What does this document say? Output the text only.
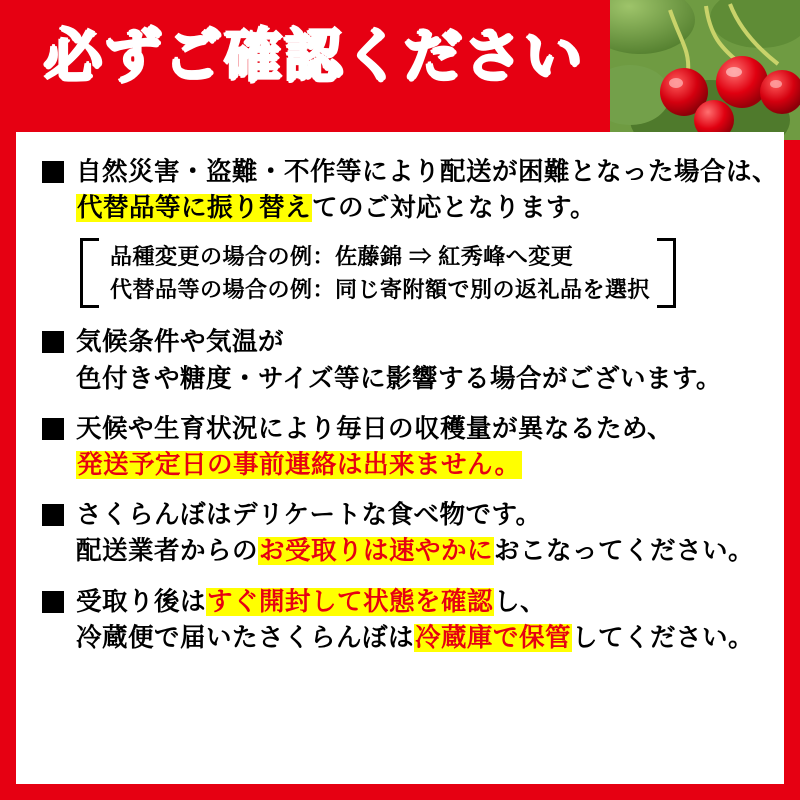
必ずご確認ください
自然災害・盗難・不作等により配送が困難となった場合は、
代替品等に振り替えてのご対応となります。
品種変更の場合の例：佐藤錦 ⇒ 紅秀峰へ変更
代替品等の場合の例：同じ寄附額で別の返礼品を選択
気候条件や気温が
色付きや糖度・サイズ等に影響する場合がございます。
天候や生育状況により毎日の収穫量が異なるため、
発送予定日の事前連絡は出来ません。
さくらんぼはデリケートな食べ物です。
配送業者からのお受取りは速やかにおこなってください。
受取り後はすぐ開封して状態を確認し、
冷蔵便で届いたさくらんぼは冷蔵庫で保管してください。
